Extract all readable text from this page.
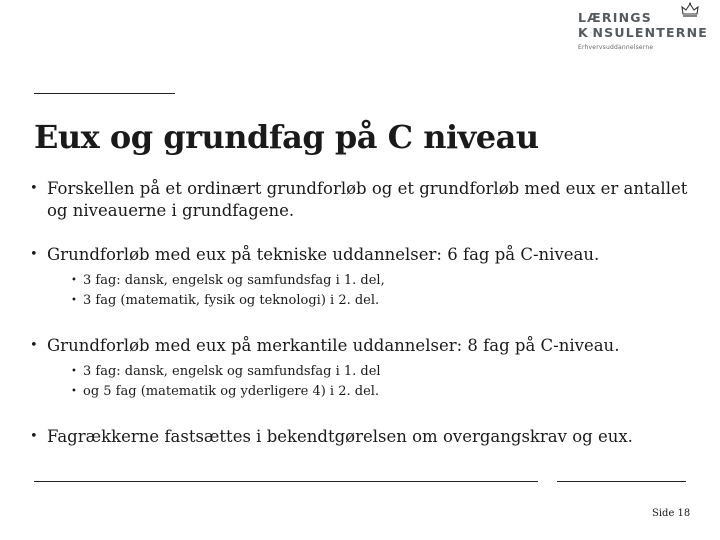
LÆRINGS
K NSULENTERNE
Erhvervsuddannelserne
Eux og grundfag på C niveau
• Forskellen på et ordinært grundforløb og et grundforløb med eux er antallet og niveauerne i grundfagene.
• Grundforløb med eux på tekniske uddannelser: 6 fag på C-niveau.
• 3 fag: dansk, engelsk og samfundsfag i 1. del,
• 3 fag (matematik, fysik og teknologi) i 2. del.
• Grundforløb med eux på merkantile uddannelser: 8 fag på C-niveau.
• 3 fag: dansk, engelsk og samfundsfag i 1. del
• og 5 fag (matematik og yderligere 4) i 2. del.
• Fagrækkerne fastsættes i bekendtgørelsen om overgangskrav og eux.
Side 18
